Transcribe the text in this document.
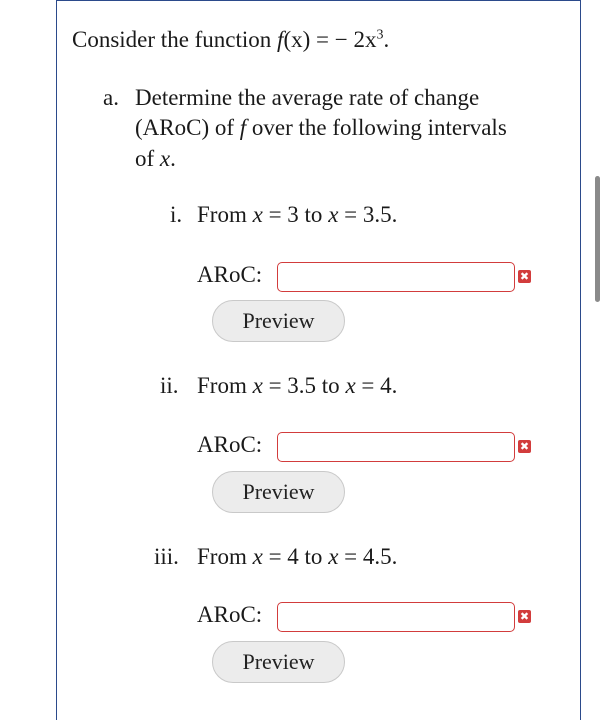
Consider the function f(x) = − $2x^3$.
a. Determine the average rate of change
(ARoC) of f over the following intervals
of x.
i. From x = 3 to x = 3.5.
ARoC:	✖
Preview
ii. From x = 3.5 to x = 4.
ARoC:	✖
Preview
iii. From x = 4 to x = 4.5.
ARoC:	✖
Preview
